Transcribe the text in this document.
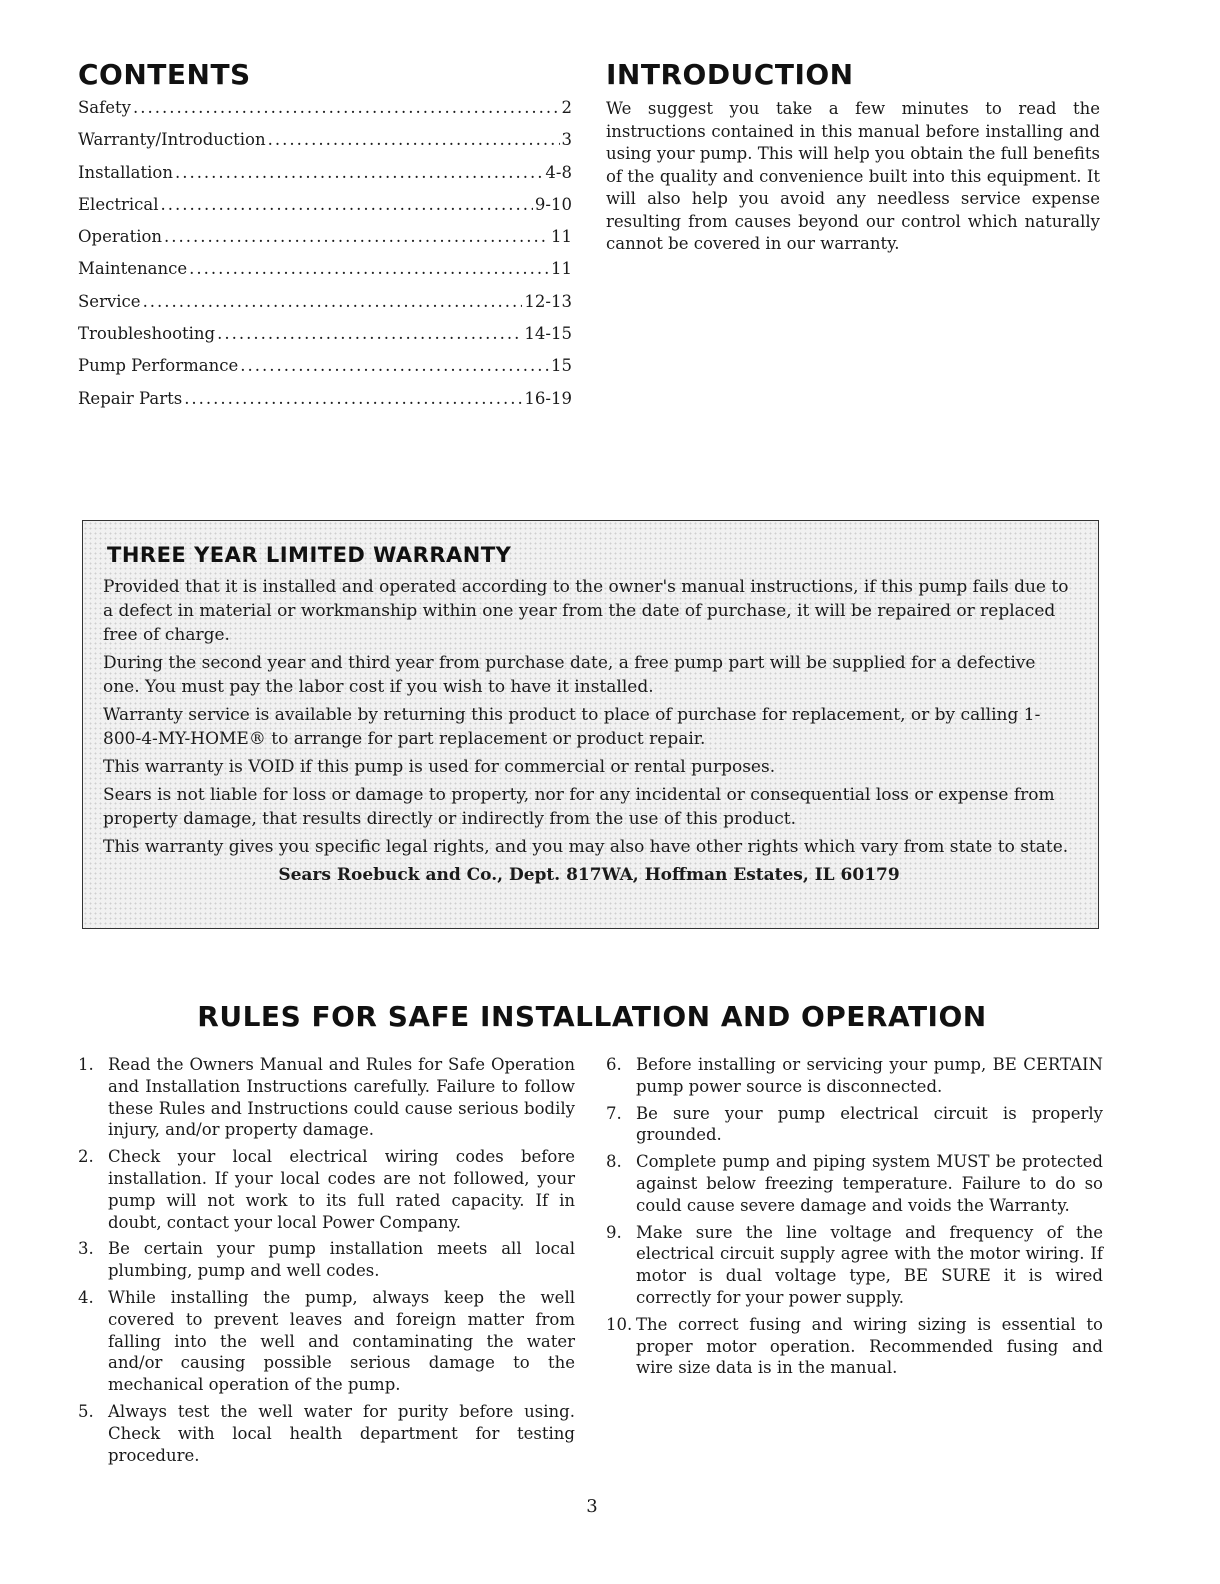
CONTENTS
Safety .....	2
Warranty/Introduction .....	3
Installation .....	4-8
Electrical .....	9-10
Operation .....	11
Maintenance .....	11
Service .....	12-13
Troubleshooting .....	14-15
Pump Performance .....	15
Repair Parts .....	16-19
INTRODUCTION

We suggest you take a few minutes to read the instructions contained in this manual before installing and using your pump. This will help you obtain the full benefits of the quality and convenience built into this equipment. It will also help you avoid any needless service expense resulting from causes beyond our control which naturally cannot be covered in our warranty.

THREE YEAR LIMITED WARRANTY

Provided that it is installed and operated according to the owner's manual instructions, if this pump fails due to a defect in material or workmanship within one year from the date of purchase, it will be repaired or replaced free of charge.

During the second year and third year from purchase date, a free pump part will be supplied for a defective one. You must pay the labor cost if you wish to have it installed.

Warranty service is available by returning this product to place of purchase for replacement, or by calling 1-800-4-MY-HOME® to arrange for part replacement or product repair.

This warranty is VOID if this pump is used for commercial or rental purposes.

Sears is not liable for loss or damage to property, nor for any incidental or consequential loss or expense from property damage, that results directly or indirectly from the use of this product.

This warranty gives you specific legal rights, and you may also have other rights which vary from state to state.

Sears Roebuck and Co., Dept. 817WA, Hoffman Estates, IL 60179

RULES FOR SAFE INSTALLATION AND OPERATION
1. Read the Owners Manual and Rules for Safe Operation and Installation Instructions carefully. Failure to follow these Rules and Instructions could cause serious bodily injury, and/or property damage.
2. Check your local electrical wiring codes before installation. If your local codes are not followed, your pump will not work to its full rated capacity. If in doubt, contact your local Power Company.
3. Be certain your pump installation meets all local plumbing, pump and well codes.
4. While installing the pump, always keep the well covered to prevent leaves and foreign matter from falling into the well and contaminating the water and/or causing possible serious damage to the mechanical operation of the pump.
5. Always test the well water for purity before using. Check with local health department for testing procedure.
6. Before installing or servicing your pump, BE CERTAIN pump power source is disconnected.
7. Be sure your pump electrical circuit is properly grounded.
8. Complete pump and piping system MUST be protected against below freezing temperature. Failure to do so could cause severe damage and voids the Warranty.
9. Make sure the line voltage and frequency of the electrical circuit supply agree with the motor wiring. If motor is dual voltage type, BE SURE it is wired correctly for your power supply.
10. The correct fusing and wiring sizing is essential to proper motor operation. Recommended fusing and wire size data is in the manual.
3
